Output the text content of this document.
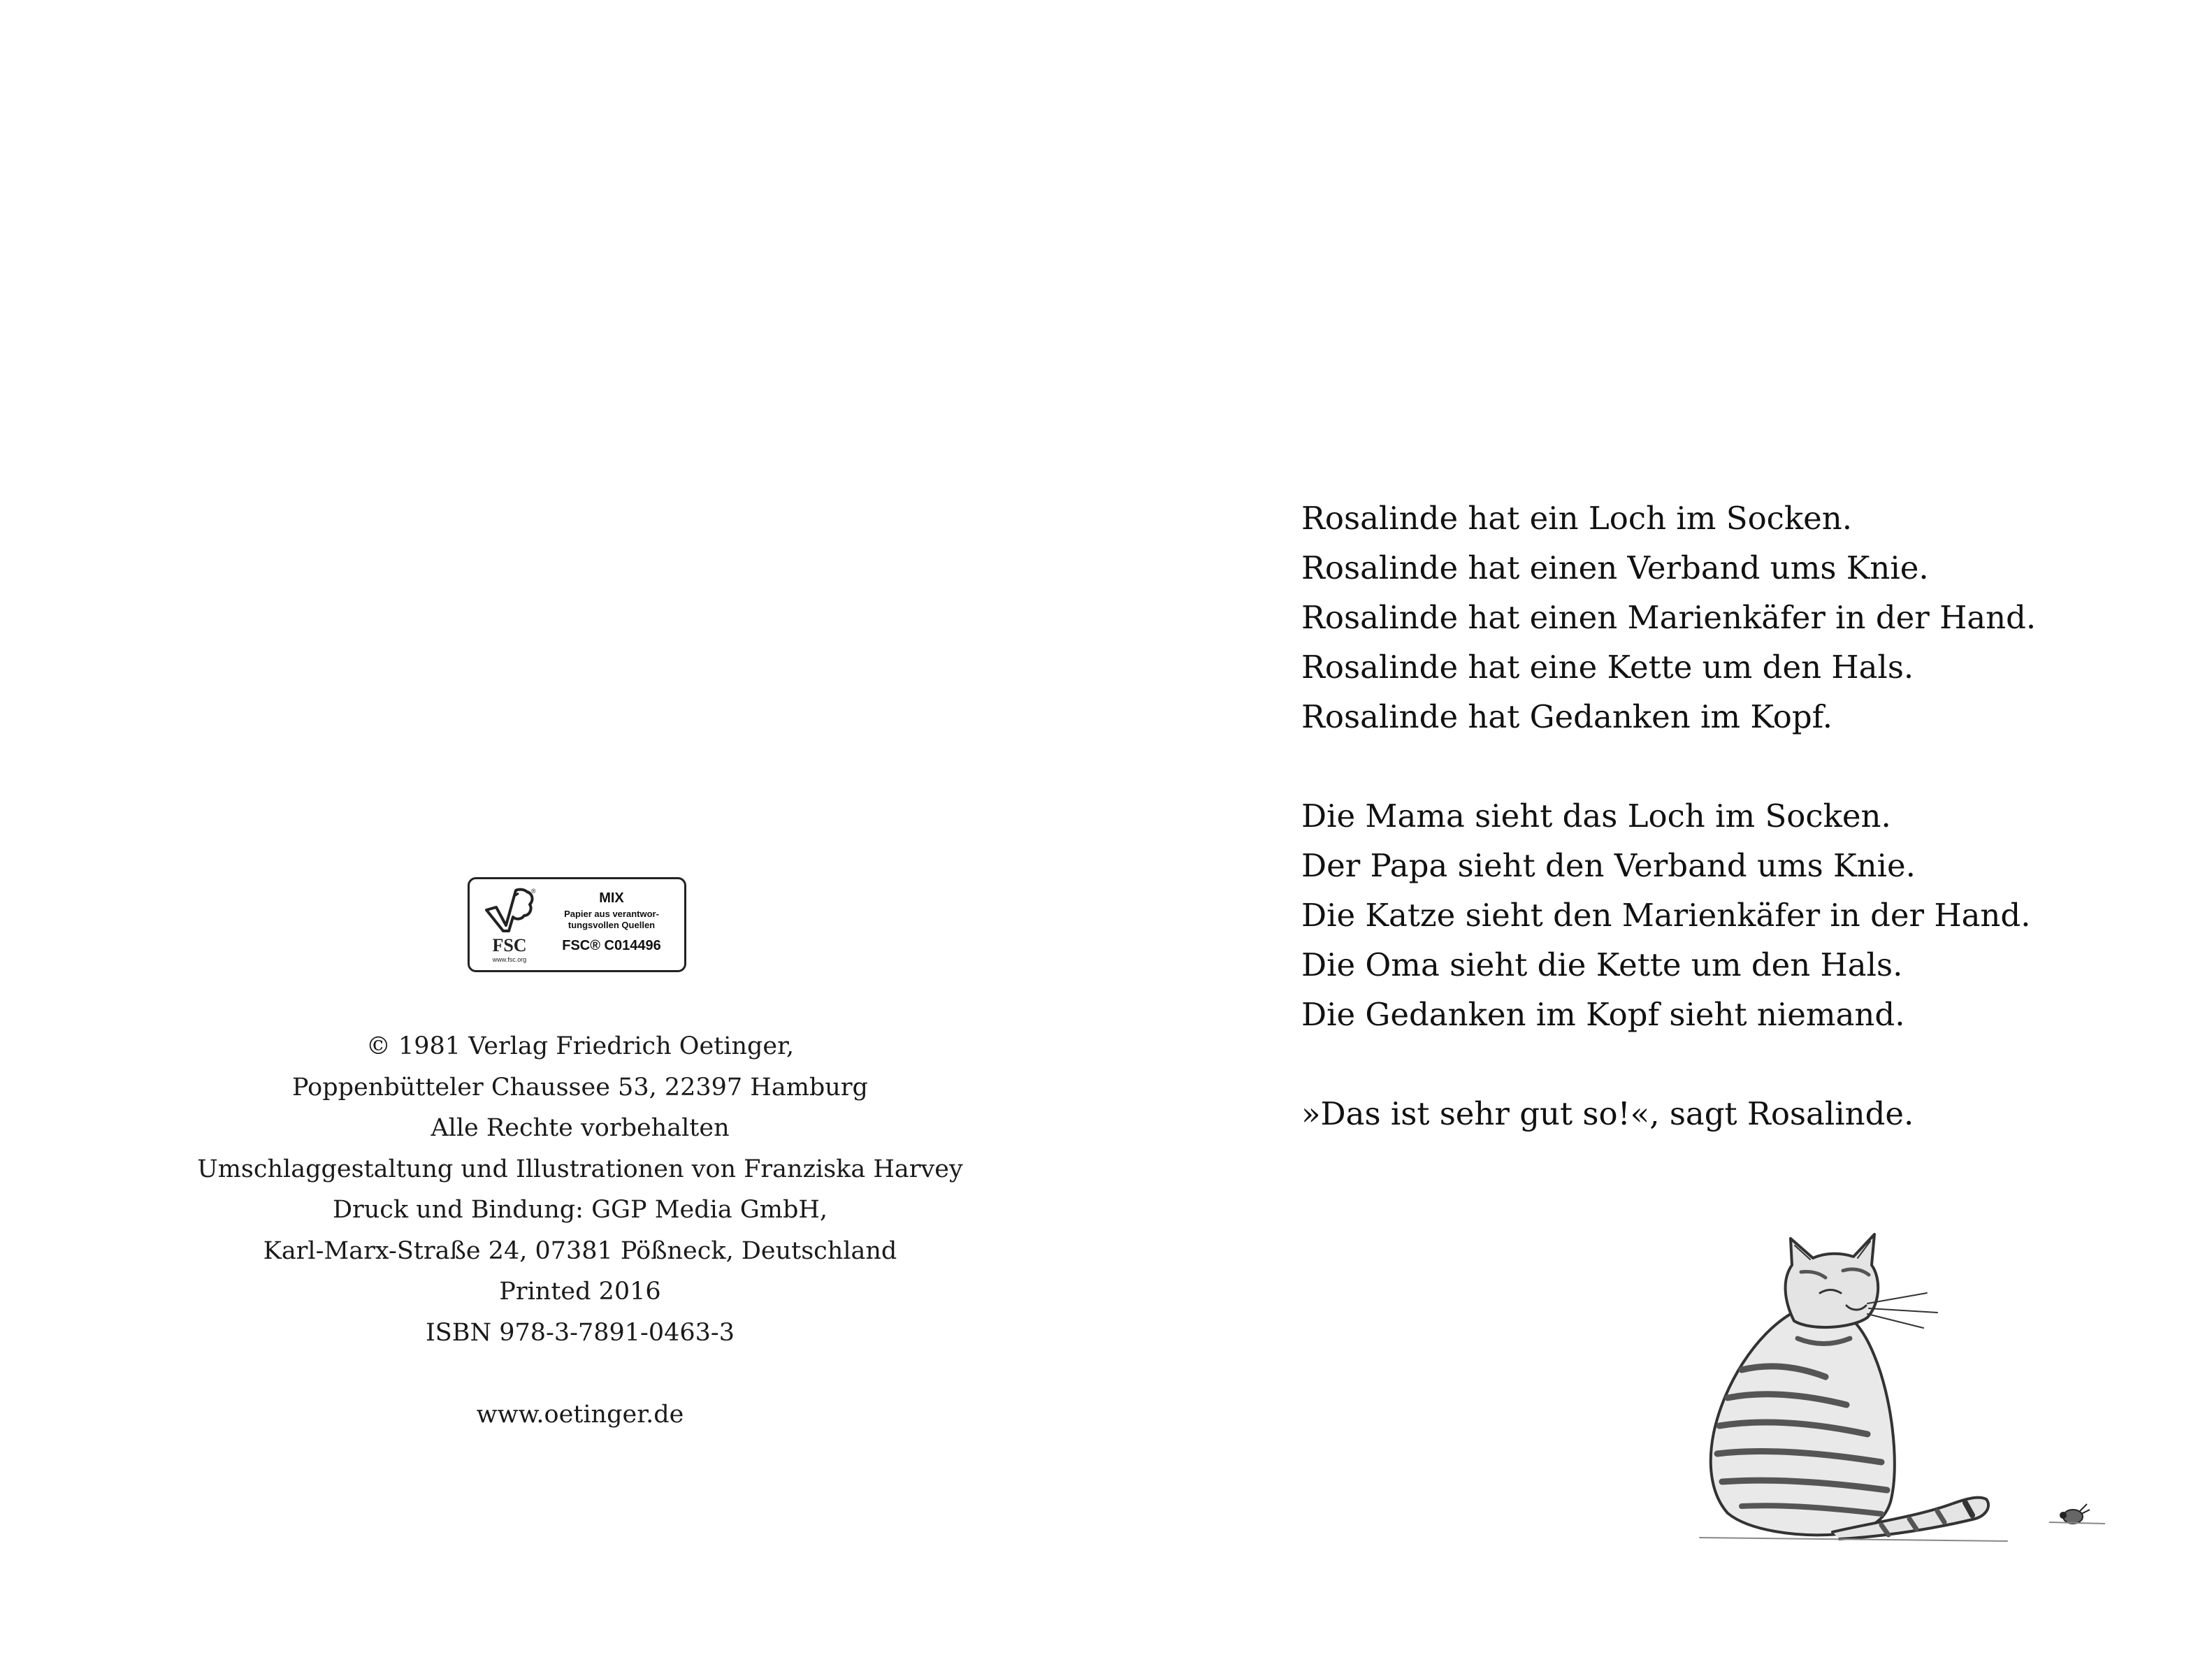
®
FSC
www.fsc.org
MIX
Papier aus verantwor-
tungsvollen Quellen
FSC® C014496
© 1981 Verlag Friedrich Oetinger,
Poppenbütteler Chaussee 53, 22397 Hamburg
Alle Rechte vorbehalten
Umschlaggestaltung und Illustrationen von Franziska Harvey
Druck und Bindung: GGP Media GmbH,
Karl-Marx-Straße 24, 07381 Pößneck, Deutschland
Printed 2016
ISBN 978-3-7891-0463-3
www.oetinger.de
Rosalinde hat ein Loch im Socken.
Rosalinde hat einen Verband ums Knie.
Rosalinde hat einen Marienkäfer in der Hand.
Rosalinde hat eine Kette um den Hals.
Rosalinde hat Gedanken im Kopf.
Die Mama sieht das Loch im Socken.
Der Papa sieht den Verband ums Knie.
Die Katze sieht den Marienkäfer in der Hand.
Die Oma sieht die Kette um den Hals.
Die Gedanken im Kopf sieht niemand.
»Das ist sehr gut so!«, sagt Rosalinde.
